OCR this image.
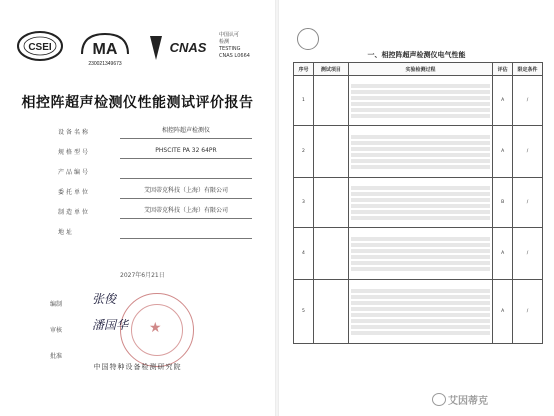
CSEI	MA
230021349673
CNAS
中国认可
检测
TESTING
CNAS L0664
相控阵超声检测仪性能测试评价报告
设备名称	相控阵超声检测仪
规格型号	PHSCITE PA 32 64PR
产品编号
委托单位	艾因蒂克科技（上海）有限公司
制造单位	艾因蒂克科技（上海）有限公司
地址
2027年6月21日
★
编制 张俊
审核 潘国华
批准
中国特种设备检测研究院
一、相控阵超声检测仪电气性能
序号	测试项目	实验检测过程	评估	限定条件
1			A	/
2			A	/
3			B	/
4			A	/
5			A	/
艾因蒂克
